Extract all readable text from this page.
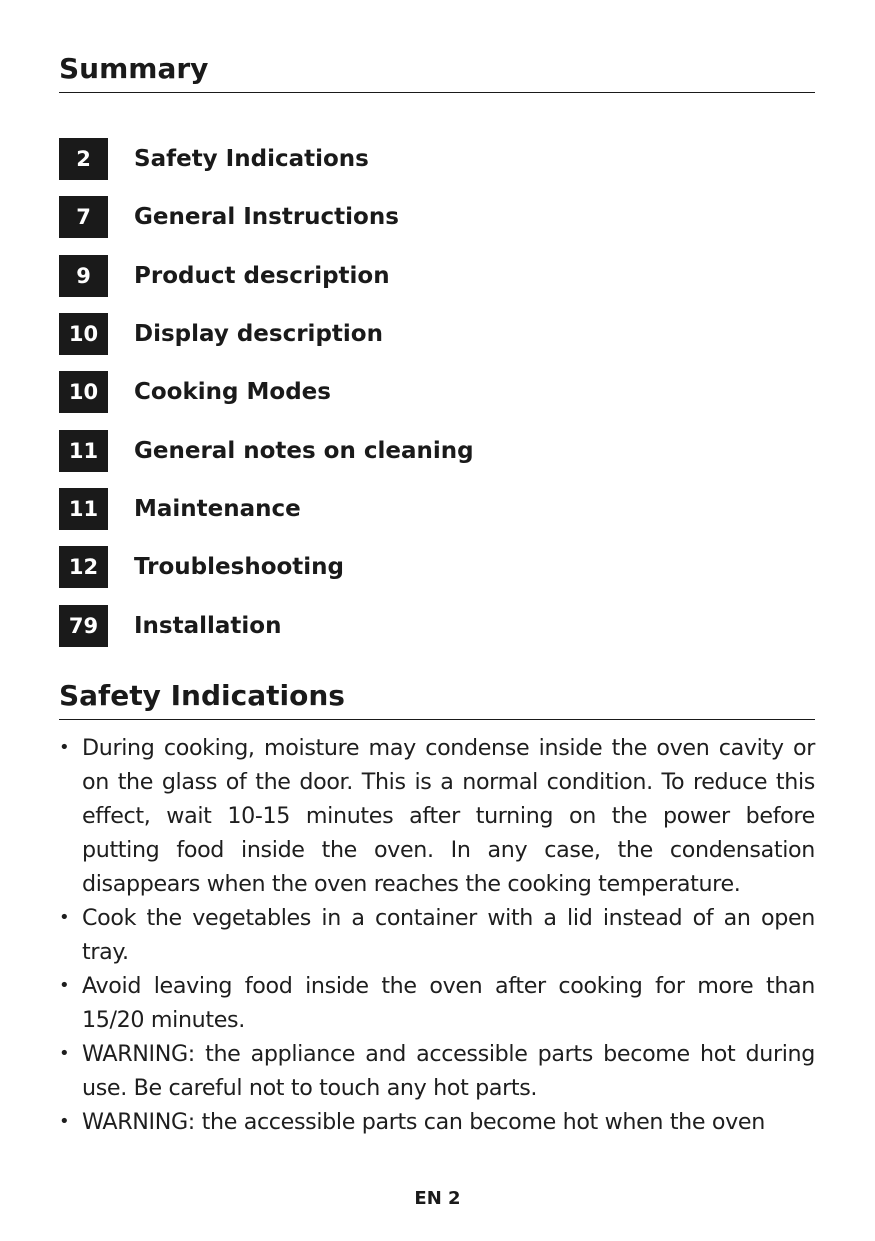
Summary
2	Safety Indications
7	General Instructions
9	Product description
10	Display description
10	Cooking Modes
11	General notes on cleaning
11	Maintenance
12	Troubleshooting
79	Installation
Safety Indications
• During cooking, moisture may condense inside the oven cavity or on the glass of the door. This is a normal condition. To reduce this effect, wait 10-15 minutes after turning on the power before putting food inside the oven. In any case, the condensation disappears when the oven reaches the cooking temperature.
• Cook the vegetables in a container with a lid instead of an open tray.
• Avoid leaving food inside the oven after cooking for more than 15/20 minutes.
• WARNING: the appliance and accessible parts become hot during use. Be careful not to touch any hot parts.
• WARNING: the accessible parts can become hot when the oven
EN 2
